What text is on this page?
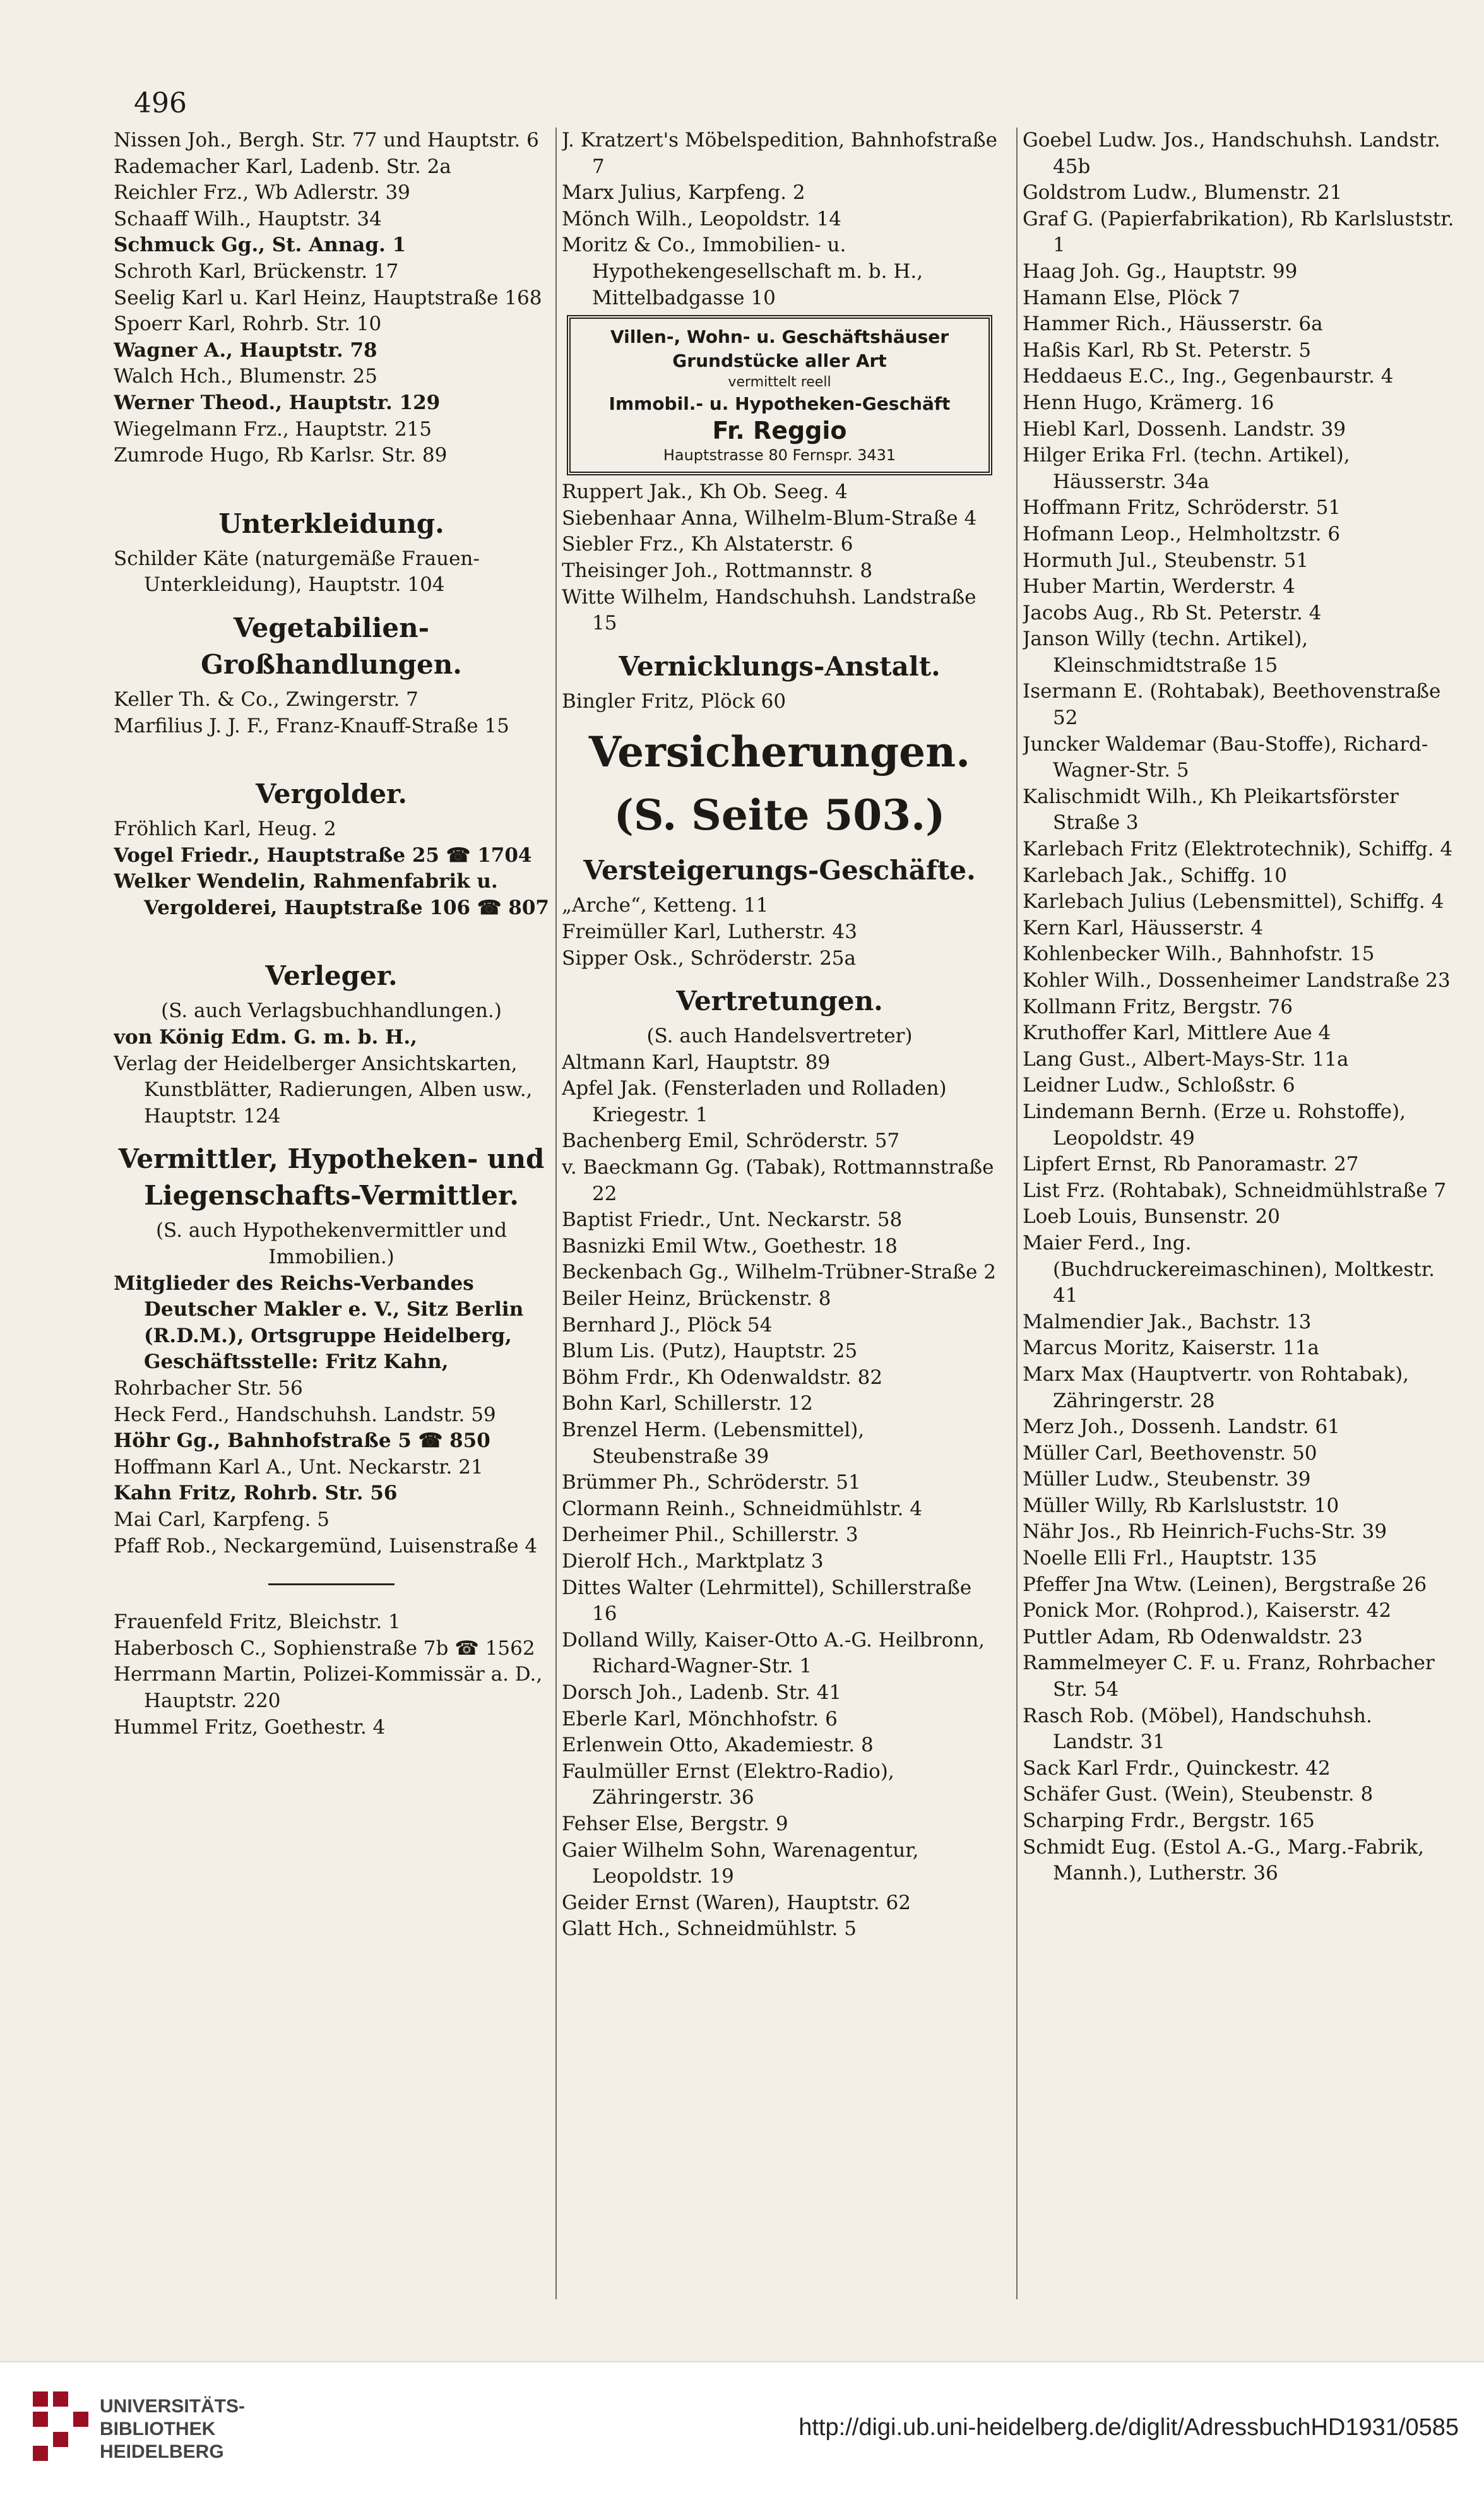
496
Nissen Joh., Bergh. Str. 77 und Hauptstr. 6
Rademacher Karl, Ladenb. Str. 2a
Reichler Frz., Wb Adlerstr. 39
Schaaff Wilh., Hauptstr. 34
Schmuck Gg., St. Annag. 1
Schroth Karl, Brückenstr. 17
Seelig Karl u. Karl Heinz, Hauptstraße 168
Spoerr Karl, Rohrb. Str. 10
Wagner A., Hauptstr. 78
Walch Hch., Blumenstr. 25
Werner Theod., Hauptstr. 129
Wiegelmann Frz., Hauptstr. 215
Zumrode Hugo, Rb Karlsr. Str. 89
Unterkleidung.
Schilder Käte (naturgemäße Frauen-Unterkleidung), Hauptstr. 104
Vegetabilien-Großhandlungen.
Keller Th. & Co., Zwingerstr. 7
Marfilius J. J. F., Franz-Knauff-Straße 15
Vergolder.
Fröhlich Karl, Heug. 2
Vogel Friedr., Hauptstraße 25 ☎ 1704
Welker Wendelin, Rahmenfabrik u. Vergolderei, Hauptstraße 106 ☎ 807
Verleger.
(S. auch Verlagsbuchhandlungen.)
von König Edm. G. m. b. H.,
Verlag der Heidelberger Ansichtskarten, Kunstblätter, Radierungen, Alben usw., Hauptstr. 124
Vermittler, Hypotheken- und Liegenschafts-Vermittler.
(S. auch Hypothekenvermittler und Immobilien.)
Mitglieder des Reichs-Verbandes Deutscher Makler e. V., Sitz Berlin (R.D.M.), Ortsgruppe Heidelberg, Geschäftsstelle: Fritz Kahn,
Rohrbacher Str. 56
Heck Ferd., Handschuhsh. Landstr. 59
Höhr Gg., Bahnhofstraße 5 ☎ 850
Hoffmann Karl A., Unt. Neckarstr. 21
Kahn Fritz, Rohrb. Str. 56
Mai Carl, Karpfeng. 5
Pfaff Rob., Neckargemünd, Luisenstraße 4
Frauenfeld Fritz, Bleichstr. 1
Haberbosch C., Sophienstraße 7b ☎ 1562
Herrmann Martin, Polizei-Kommissär a. D., Hauptstr. 220
Hummel Fritz, Goethestr. 4
J. Kratzert's Möbelspedition, Bahnhofstraße 7
Marx Julius, Karpfeng. 2
Mönch Wilh., Leopoldstr. 14
Moritz & Co., Immobilien- u. Hypothekengesellschaft m. b. H., Mittelbadgasse 10
Villen-, Wohn- u. Geschäftshäuser
Grundstücke aller Art
vermittelt reell
Immobil.- u. Hypotheken-Geschäft
Fr. Reggio
Hauptstrasse 80 Fernspr. 3431
Ruppert Jak., Kh Ob. Seeg. 4
Siebenhaar Anna, Wilhelm-Blum-Straße 4
Siebler Frz., Kh Alstaterstr. 6
Theisinger Joh., Rottmannstr. 8
Witte Wilhelm, Handschuhsh. Landstraße 15
Vernicklungs-Anstalt.
Bingler Fritz, Plöck 60
Versicherungen.
(S. Seite 503.)
Versteigerungs-Geschäfte.
„Arche“, Ketteng. 11
Freimüller Karl, Lutherstr. 43
Sipper Osk., Schröderstr. 25a
Vertretungen.
(S. auch Handelsvertreter)
Altmann Karl, Hauptstr. 89
Apfel Jak. (Fensterladen und Rolladen) Kriegestr. 1
Bachenberg Emil, Schröderstr. 57
v. Baeckmann Gg. (Tabak), Rottmannstraße 22
Baptist Friedr., Unt. Neckarstr. 58
Basnizki Emil Wtw., Goethestr. 18
Beckenbach Gg., Wilhelm-Trübner-Straße 2
Beiler Heinz, Brückenstr. 8
Bernhard J., Plöck 54
Blum Lis. (Putz), Hauptstr. 25
Böhm Frdr., Kh Odenwaldstr. 82
Bohn Karl, Schillerstr. 12
Brenzel Herm. (Lebensmittel), Steubenstraße 39
Brümmer Ph., Schröderstr. 51
Clormann Reinh., Schneidmühlstr. 4
Derheimer Phil., Schillerstr. 3
Dierolf Hch., Marktplatz 3
Dittes Walter (Lehrmittel), Schillerstraße 16
Dolland Willy, Kaiser-Otto A.-G. Heilbronn, Richard-Wagner-Str. 1
Dorsch Joh., Ladenb. Str. 41
Eberle Karl, Mönchhofstr. 6
Erlenwein Otto, Akademiestr. 8
Faulmüller Ernst (Elektro-Radio), Zähringerstr. 36
Fehser Else, Bergstr. 9
Gaier Wilhelm Sohn, Warenagentur, Leopoldstr. 19
Geider Ernst (Waren), Hauptstr. 62
Glatt Hch., Schneidmühlstr. 5
Goebel Ludw. Jos., Handschuhsh. Landstr. 45b
Goldstrom Ludw., Blumenstr. 21
Graf G. (Papierfabrikation), Rb Karlsluststr. 1
Haag Joh. Gg., Hauptstr. 99
Hamann Else, Plöck 7
Hammer Rich., Häusserstr. 6a
Haßis Karl, Rb St. Peterstr. 5
Heddaeus E.C., Ing., Gegenbaurstr. 4
Henn Hugo, Krämerg. 16
Hiebl Karl, Dossenh. Landstr. 39
Hilger Erika Frl. (techn. Artikel), Häusserstr. 34a
Hoffmann Fritz, Schröderstr. 51
Hofmann Leop., Helmholtzstr. 6
Hormuth Jul., Steubenstr. 51
Huber Martin, Werderstr. 4
Jacobs Aug., Rb St. Peterstr. 4
Janson Willy (techn. Artikel), Kleinschmidtstraße 15
Isermann E. (Rohtabak), Beethovenstraße 52
Juncker Waldemar (Bau-Stoffe), Richard-Wagner-Str. 5
Kalischmidt Wilh., Kh Pleikartsförster Straße 3
Karlebach Fritz (Elektrotechnik), Schiffg. 4
Karlebach Jak., Schiffg. 10
Karlebach Julius (Lebensmittel), Schiffg. 4
Kern Karl, Häusserstr. 4
Kohlenbecker Wilh., Bahnhofstr. 15
Kohler Wilh., Dossenheimer Landstraße 23
Kollmann Fritz, Bergstr. 76
Kruthoffer Karl, Mittlere Aue 4
Lang Gust., Albert-Mays-Str. 11a
Leidner Ludw., Schloßstr. 6
Lindemann Bernh. (Erze u. Rohstoffe), Leopoldstr. 49
Lipfert Ernst, Rb Panoramastr. 27
List Frz. (Rohtabak), Schneidmühlstraße 7
Loeb Louis, Bunsenstr. 20
Maier Ferd., Ing. (Buchdruckereimaschinen), Moltkestr. 41
Malmendier Jak., Bachstr. 13
Marcus Moritz, Kaiserstr. 11a
Marx Max (Hauptvertr. von Rohtabak), Zähringerstr. 28
Merz Joh., Dossenh. Landstr. 61
Müller Carl, Beethovenstr. 50
Müller Ludw., Steubenstr. 39
Müller Willy, Rb Karlsluststr. 10
Nähr Jos., Rb Heinrich-Fuchs-Str. 39
Noelle Elli Frl., Hauptstr. 135
Pfeffer Jna Wtw. (Leinen), Bergstraße 26
Ponick Mor. (Rohprod.), Kaiserstr. 42
Puttler Adam, Rb Odenwaldstr. 23
Rammelmeyer C. F. u. Franz, Rohrbacher Str. 54
Rasch Rob. (Möbel), Handschuhsh. Landstr. 31
Sack Karl Frdr., Quinckestr. 42
Schäfer Gust. (Wein), Steubenstr. 8
Scharping Frdr., Bergstr. 165
Schmidt Eug. (Estol A.-G., Marg.-Fabrik, Mannh.), Lutherstr. 36
UNIVERSITÄTS-
BIBLIOTHEK
HEIDELBERG
http://digi.ub.uni-heidelberg.de/diglit/AdressbuchHD1931/0585
